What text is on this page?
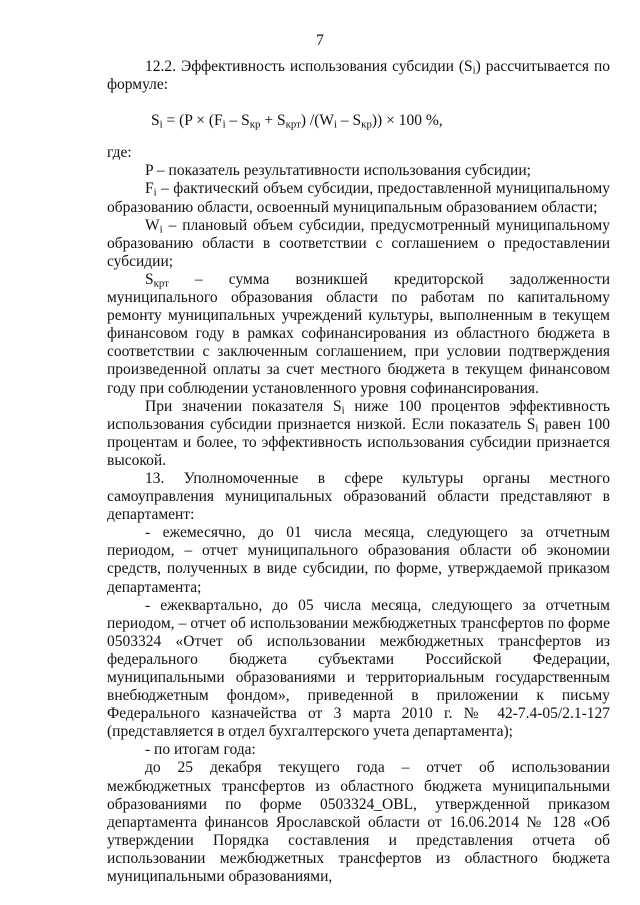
7

12.2. Эффективность использования субсидии $(S_i)$ рассчитывается по формуле:

$S_i = (P \times (F_i - S_{кр} + S_{крт})$ $/(W_i - S_{кр})) \times 100$ %,

где:

P – показатель результативности использования субсидии;

$F_i$ – фактический объем субсидии, предоставленной муниципальному образованию области, освоенный муниципальным образованием области;

$W_i$ – плановый объем субсидии, предусмотренный муниципальному образованию области в соответствии с соглашением о предоставлении субсидии;

$S_{крт}$ – сумма возникшей кредиторской задолженности муниципального образования области по работам по капитальному ремонту муниципальных учреждений культуры, выполненным в текущем финансовом году в рамках софинансирования из областного бюджета в соответствии с заключенным соглашением, при условии подтверждения произведенной оплаты за счет местного бюджета в текущем финансовом году при соблюдении установленного уровня софинансирования.

При значении показателя $S_i$ ниже 100 процентов эффективность использования субсидии признается низкой. Если показатель $S_i$ равен 100 процентам и более, то эффективность использования субсидии признается высокой.

13. Уполномоченные в сфере культуры органы местного самоуправления муниципальных образований области представляют в департамент:

- ежемесячно, до 01 числа месяца, следующего за отчетным периодом, – отчет муниципального образования области об экономии средств, полученных в виде субсидии, по форме, утверждаемой приказом департамента;

- ежеквартально, до 05 числа месяца, следующего за отчетным периодом, – отчет об использовании межбюджетных трансфертов по форме 0503324 «Отчет об использовании межбюджетных трансфертов из федерального бюджета субъектами Российской Федерации, муниципальными образованиями и территориальным государственным внебюджетным фондом», приведенной в приложении к письму Федерального казначейства от 3 марта 2010 г. № 42-7.4-05/2.1-127 (представляется в отдел бухгалтерского учета департамента);

- по итогам года:

до 25 декабря текущего года – отчет об использовании межбюджетных трансфертов из областного бюджета муниципальными образованиями по форме 0503324_OBL, утвержденной приказом департамента финансов Ярославской области от 16.06.2014 № 128 «Об утверждении Порядка составления и представления отчета об использовании межбюджетных трансфертов из областного бюджета муниципальными образованиями,
